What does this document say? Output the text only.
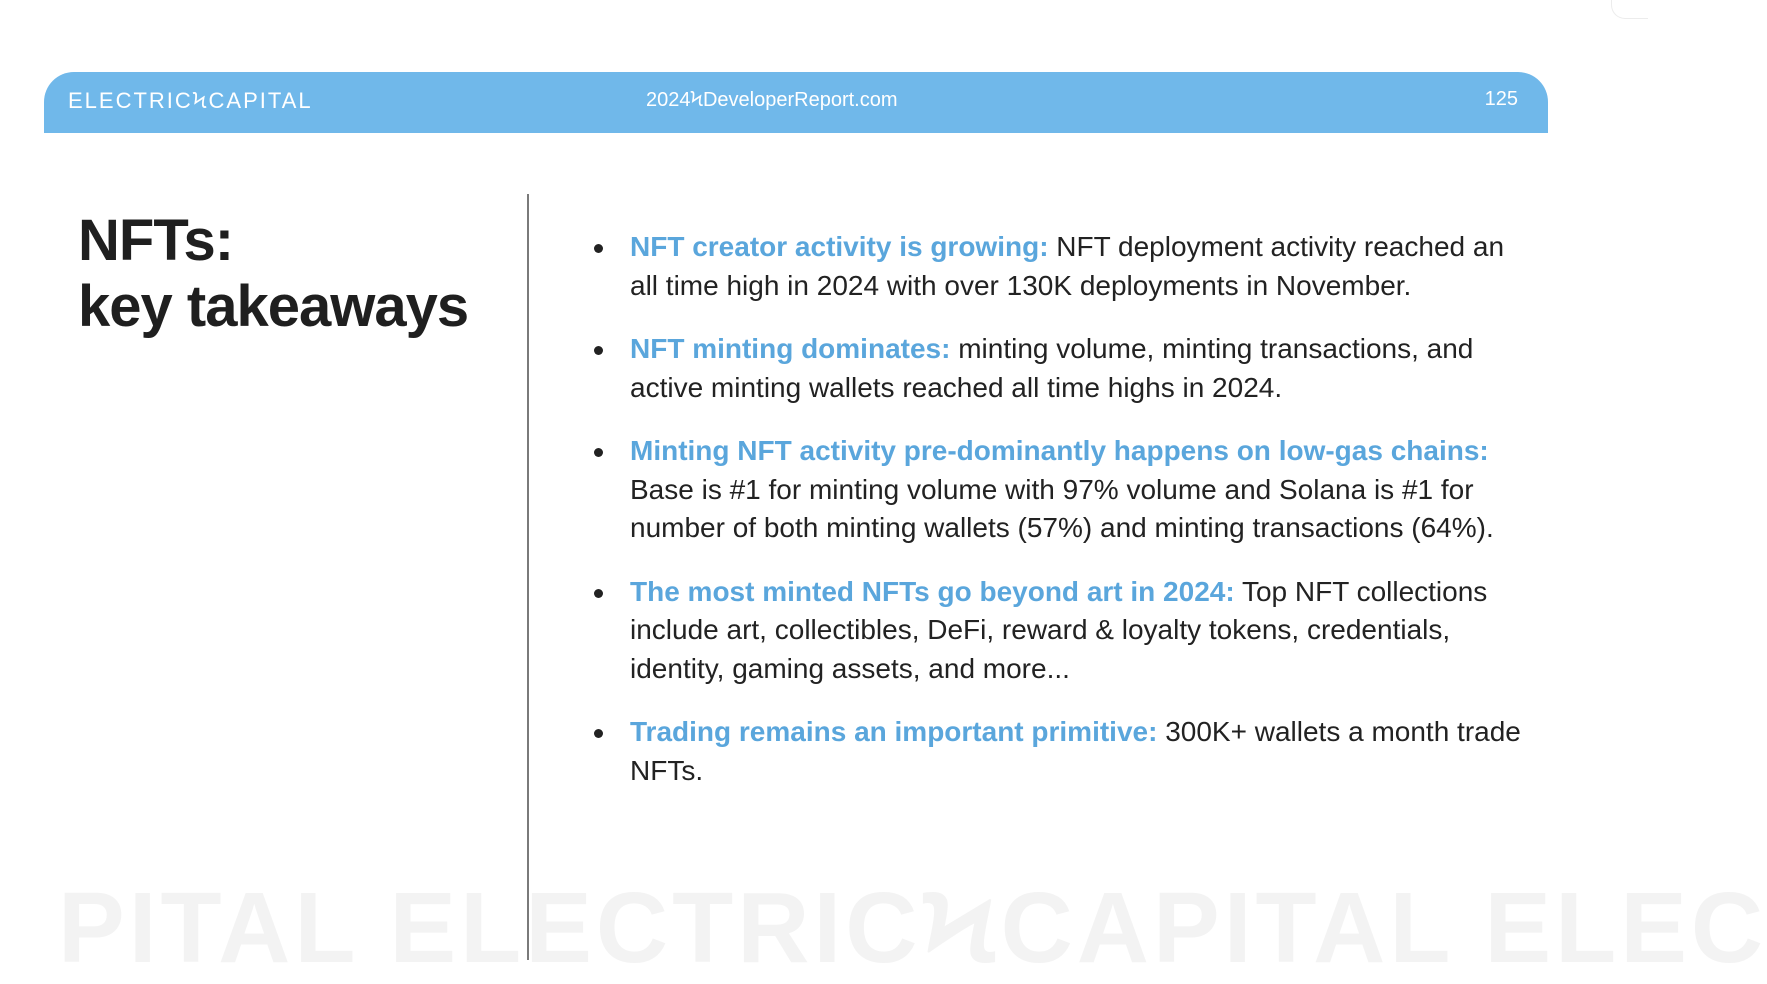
ELECTRICϞCAPITAL	2024ϞDeveloperReport.com	125
NFTs:
key takeaways
NFT creator activity is growing: NFT deployment activity reached an all time high in 2024 with over 130K deployments in November.
NFT minting dominates: minting volume, minting transactions, and active minting wallets reached all time highs in 2024.
Minting NFT activity pre-dominantly happens on low-gas chains: Base is #1 for minting volume with 97% volume and Solana is #1 for number of both minting wallets (57%) and minting transactions (64%).
The most minted NFTs go beyond art in 2024: Top NFT collections include art, collectibles, DeFi, reward & loyalty tokens, credentials, identity, gaming assets, and more...
Trading remains an important primitive: 300K+ wallets a month trade NFTs.
PITAL ELECTRICϞCAPITAL ELEC
